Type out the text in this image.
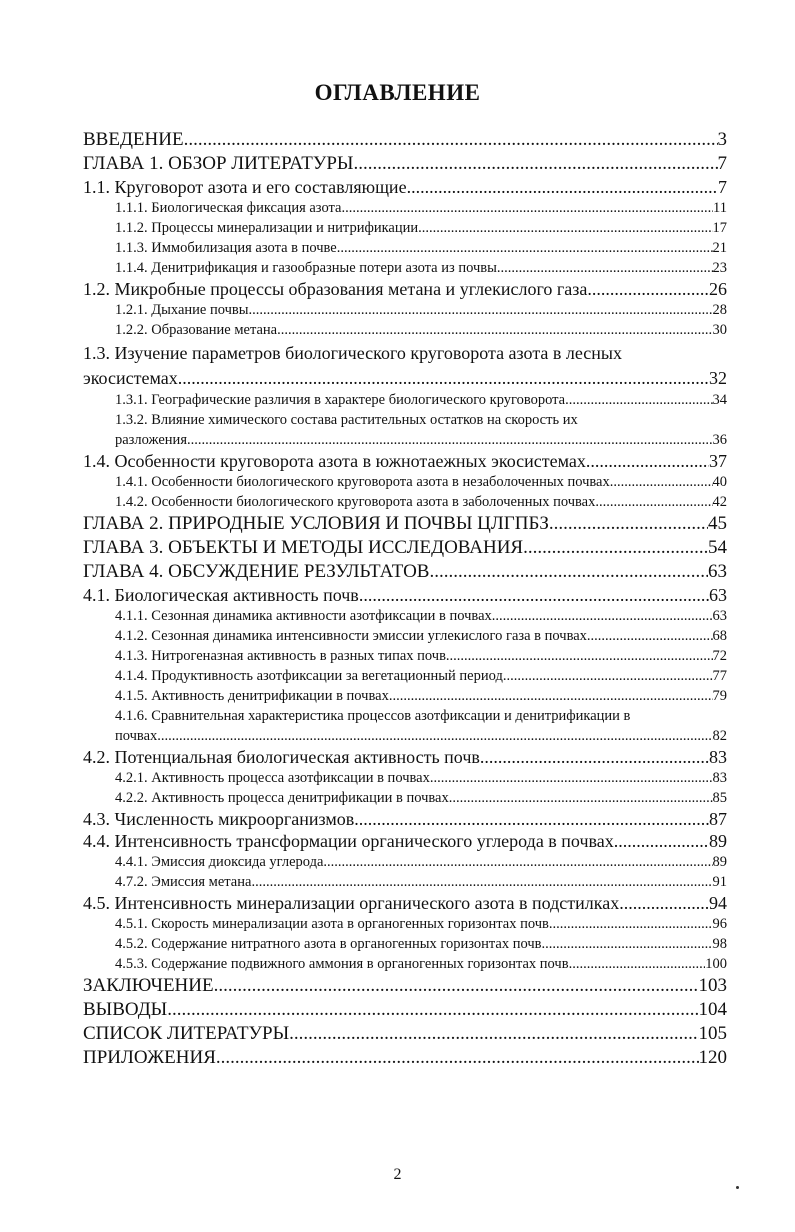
ОГЛАВЛЕНИЕ
ВВЕДЕНИЕ .....	3
ГЛАВА 1. ОБЗОР ЛИТЕРАТУРЫ .....	7
1.1. Круговорот азота и его составляющие .....	7
1.1.1. Биологическая фиксация азота .....	11
1.1.2. Процессы минерализации и нитрификации .....	17
1.1.3. Иммобилизация азота в почве .....	21
1.1.4. Денитрификация и газообразные потери азота из почвы .....	23
1.2. Микробные процессы образования метана и углекислого газа .....	26
1.2.1. Дыхание почвы .....	28
1.2.2. Образование метана .....	30
1.3. Изучение параметров биологического круговорота азота в лесных
экосистемах .....	32
1.3.1. Географические различия в характере биологического круговорота .....	34
1.3.2. Влияние химического состава растительных остатков на скорость их
разложения .....	36
1.4. Особенности круговорота азота в южнотаежных экосистемах .....	37
1.4.1. Особенности биологического круговорота азота в незаболоченных почвах .....	40
1.4.2. Особенности биологического круговорота азота в заболоченных почвах .....	42
ГЛАВА 2. ПРИРОДНЫЕ УСЛОВИЯ И ПОЧВЫ ЦЛГПБЗ .....	45
ГЛАВА 3. ОБЪЕКТЫ И МЕТОДЫ ИССЛЕДОВАНИЯ .....	54
ГЛАВА 4. ОБСУЖДЕНИЕ РЕЗУЛЬТАТОВ .....	63
4.1. Биологическая активность почв .....	63
4.1.1. Сезонная динамика активности азотфиксации в почвах .....	63
4.1.2. Сезонная динамика интенсивности эмиссии углекислого газа в почвах .....	68
4.1.3. Нитрогеназная активность в разных типах почв .....	72
4.1.4. Продуктивность азотфиксации за вегетационный период .....	77
4.1.5. Активность денитрификации в почвах .....	79
4.1.6. Сравнительная характеристика процессов азотфиксации и денитрификации в
почвах .....	82
4.2. Потенциальная биологическая активность почв .....	83
4.2.1. Активность процесса азотфиксации в почвах .....	83
4.2.2. Активность процесса денитрификации в почвах .....	85
4.3. Численность микроорганизмов .....	87
4.4. Интенсивность трансформации органического углерода в почвах .....	89
4.4.1. Эмиссия диоксида углерода .....	89
4.7.2. Эмиссия метана .....	91
4.5. Интенсивность минерализации органического азота в подстилках .....	94
4.5.1. Скорость минерализации азота в органогенных горизонтах почв .....	96
4.5.2. Содержание нитратного азота в органогенных горизонтах почв .....	98
4.5.3. Содержание подвижного аммония в органогенных горизонтах почв .....	100
ЗАКЛЮЧЕНИЕ .....	103
ВЫВОДЫ .....	104
СПИСОК ЛИТЕРАТУРЫ .....	105
ПРИЛОЖЕНИЯ .....	120
2
